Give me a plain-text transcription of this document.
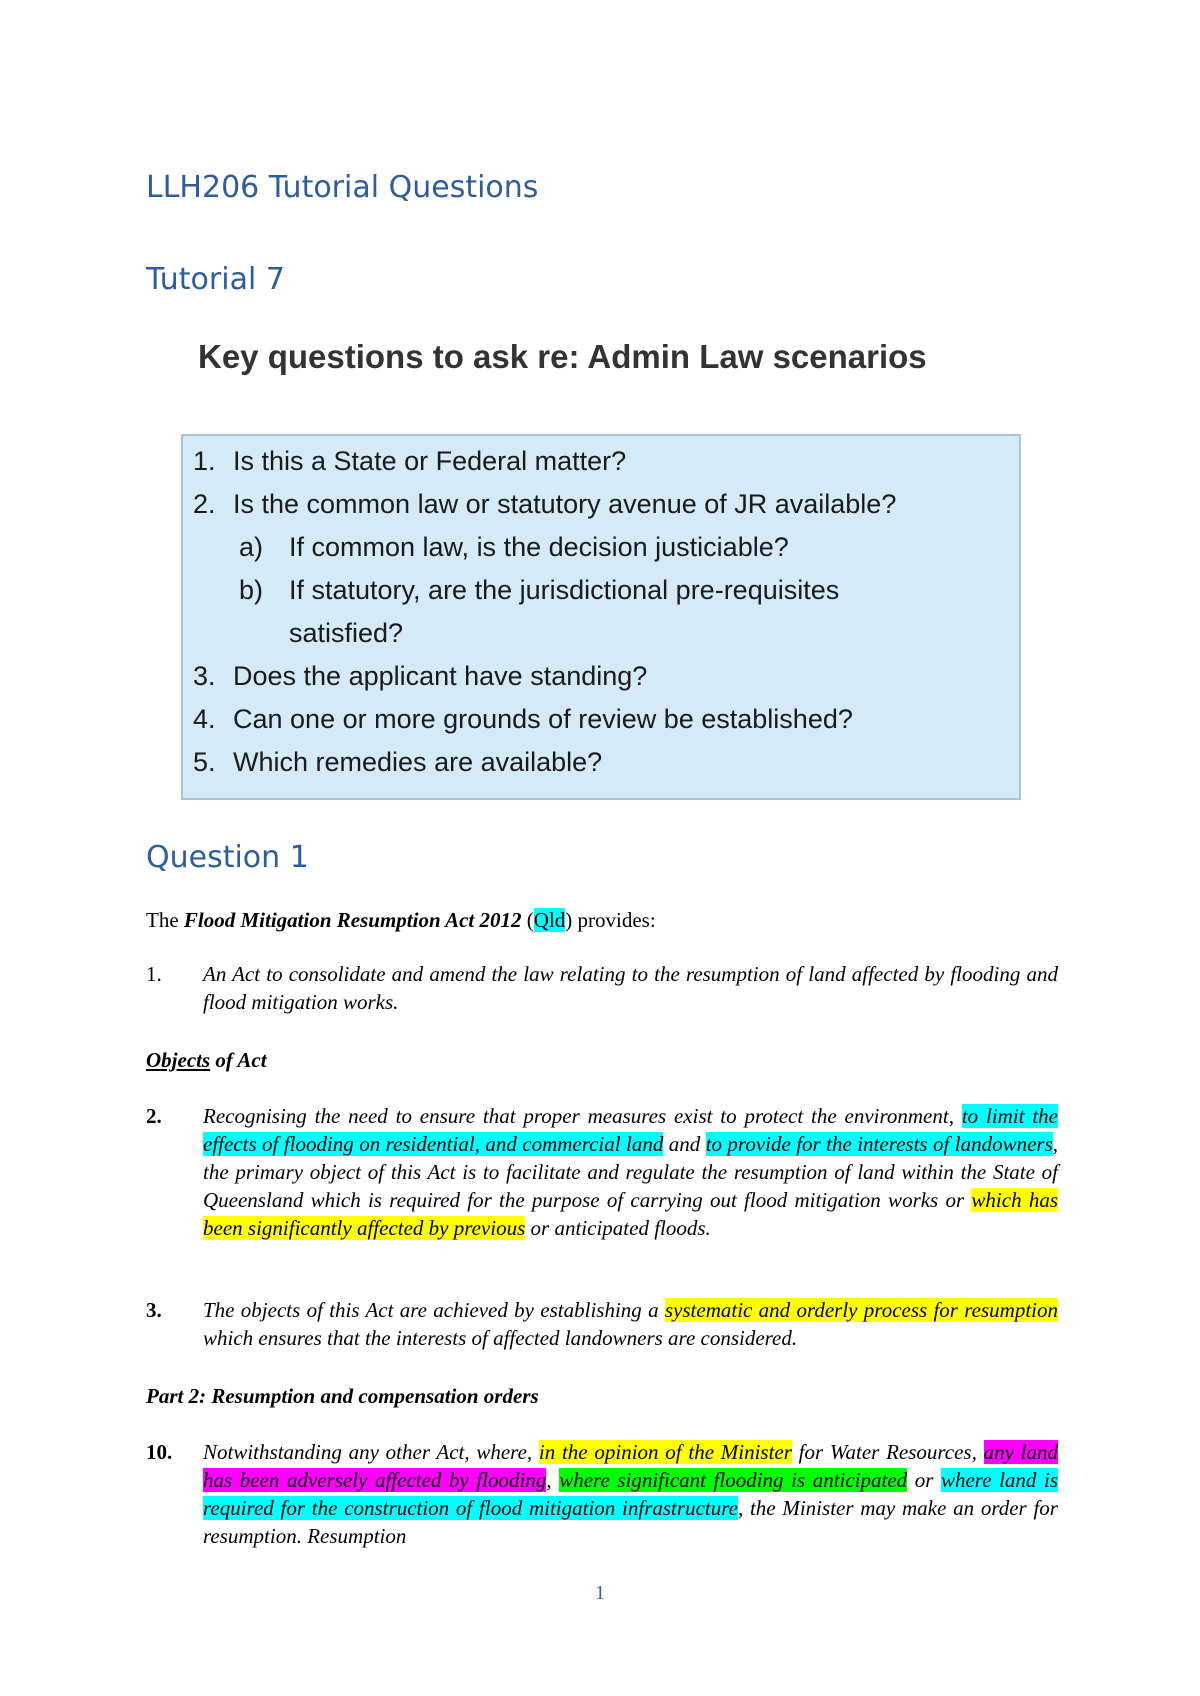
LLH206 Tutorial Questions
Tutorial 7
Key questions to ask re: Admin Law scenarios
1. Is this a State or Federal matter?
2. Is the common law or statutory avenue of JR available?
a) If common law, is the decision justiciable?
b) If statutory, are the jurisdictional pre-requisites
satisfied?
3. Does the applicant have standing?
4. Can one or more grounds of review be established?
5. Which remedies are available?
Question 1
The Flood Mitigation Resumption Act 2012 (Qld) provides:
1. An Act to consolidate and amend the law relating to the resumption of land affected by flooding and flood mitigation works.
Objects of Act
2. Recognising the need to ensure that proper measures exist to protect the environment, to limit the effects of flooding on residential, and commercial land and to provide for the interests of landowners, the primary object of this Act is to facilitate and regulate the resumption of land within the State of Queensland which is required for the purpose of carrying out flood mitigation works or which has been significantly affected by previous or anticipated floods.
3. The objects of this Act are achieved by establishing a systematic and orderly process for resumption which ensures that the interests of affected landowners are considered.
Part 2: Resumption and compensation orders
10. Notwithstanding any other Act, where, in the opinion of the Minister for Water Resources, any land has been adversely affected by flooding, where significant flooding is anticipated or where land is required for the construction of flood mitigation infrastructure, the Minister may make an order for resumption. Resumption
1
